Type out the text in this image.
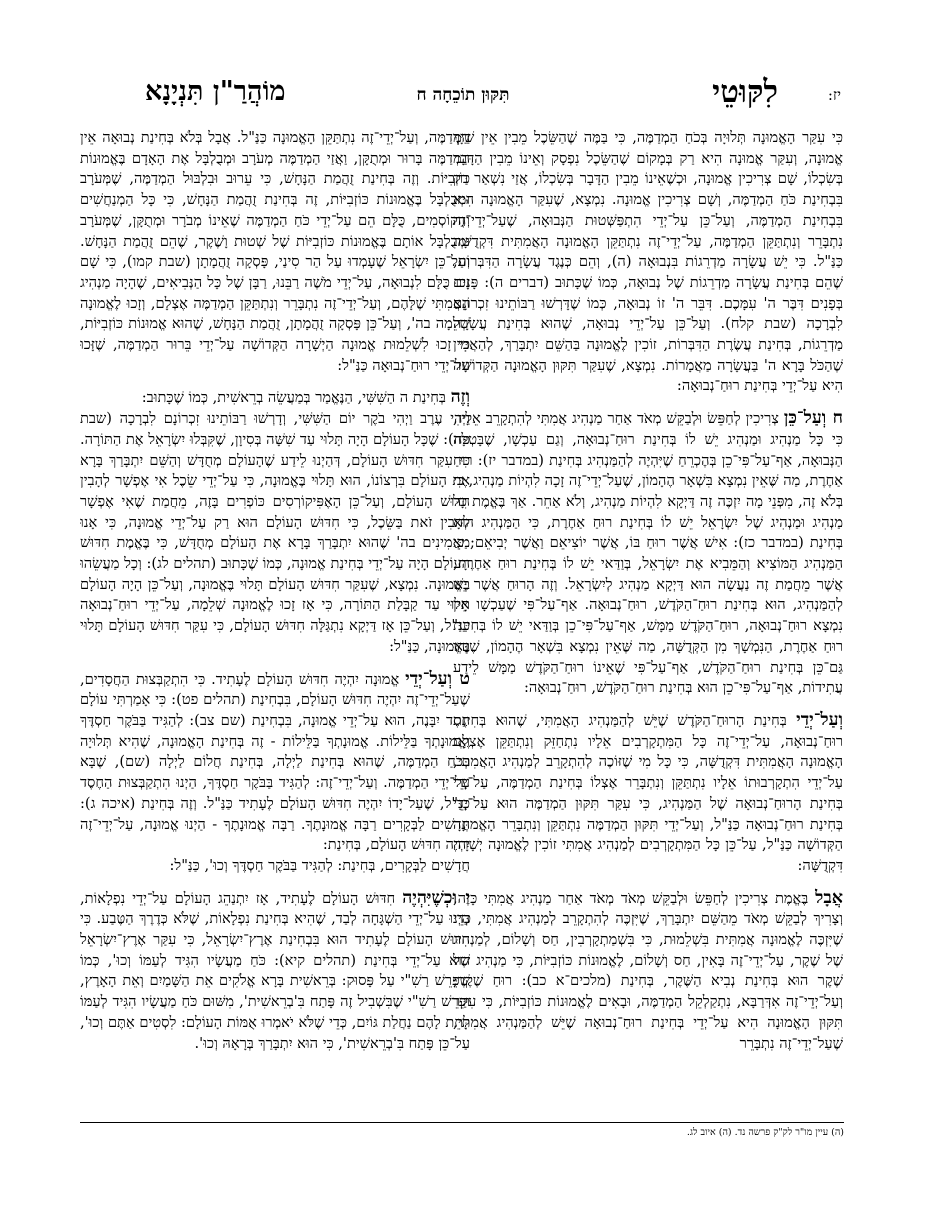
יז:
לִקּוּטֵי
תִּקּוּן תוֹכֵחָה ח
מוֹהֲרַ"ן תִּנְיָנָא

כִּי עִקַּר הָאֱמוּנָה תְּלוּיָה בְּכֹחַ הַמְדַמֶּה, כִּי בַּמֶּה שֶׁהַשֵּׂכֶל מֵבִין אֵין שַׁיָּךְ אֱמוּנָה, וְעִקַּר אֱמוּנָה הִיא רַק בְּמָקוֹם שֶׁהַשֵּׂכֶל נִפְסָק וְאֵינוֹ מֵבִין הַדָּבָר בְּשִׂכְלוֹ, שָׁם צְרִיכִין אֱמוּנָה, וּכְשֶׁאֵינוֹ מֵבִין הַדָּבָר בְּשִׂכְלוֹ, אֲזַי נִשְׁאַר רַק בִּבְחִינַת כֹּחַ הַמְדַמֶּה, וְשָׁם צְרִיכִין אֱמוּנָה. נִמְצָא, שֶׁעִקַּר הָאֱמוּנָה הִיא בִּבְחִינַת הַמְדַמֶּה, וְעַל־כֵּן עַל־יְדֵי הִתְפַּשְּׁטוּת הַנְּבוּאָה, שֶׁעַל־יְדֵי־זֶה נִתְבָּרֵר וְנִתְתַּקֵּן הַמְדַמֶּה, עַל־יְדֵי־זֶה נִתְתַּקֵּן הָאֱמוּנָה הָאֲמִתִּית דִּקְדֻשָּׁה כַּנַּ"ל. כִּי יֵשׁ עֲשָׂרָה מַדְרֵגוֹת בִּנְבוּאָה (ה), וְהֵם כְּנֶגֶד עֲשָׂרָה הַדִּבְּרוֹת, שֶׁהֵם בְּחִינַת עֲשָׂרָה מַדְרֵגוֹת שֶׁל נְבוּאָה, כְּמוֹ שֶׁכָּתוּב (דברים ה): פָּנִים בְּפָנִים דִּבֶּר ה' עִמָּכֶם. דִּבֵּר ה' זוֹ נְבוּאָה, כְּמוֹ שֶׁדָּרְשׁוּ רַבּוֹתֵינוּ זִכְרוֹנָם לִבְרָכָה (שבת קלח). וְעַל־כֵּן עַל־יְדֵי נְבוּאָה, שֶׁהוּא בְּחִינַת עֲשָׂרָה מַדְרֵגוֹת, בְּחִינַת עֲשֶׂרֶת הַדִּבְּרוֹת, זוֹכִין לֶאֱמוּנָה בַּהַשֵּׁם יִתְבָּרַךְ, לְהַאֲמִין שֶׁהַכֹּל בָּרָא ה' בַּעֲשָׂרָה מַאֲמָרוֹת. נִמְצָא, שֶׁעִקַּר תִּקּוּן הָאֱמוּנָה הַקְּדוֹשָׁה הִיא עַל־יְדֵי בְּחִינַת רוּחַ־נְבוּאָה:

ח וְעַל־כֵּן צְרִיכִין לְחַפֵּשׂ וּלְבַקֵּשׁ מְאֹד אַחַר מַנְהִיג אֲמִתִּי לְהִתְקָרֵב אֵלָיו, כִּי כָּל מַנְהִיג וּמַנְהִיג יֵשׁ לוֹ בְּחִינַת רוּחַ־נְבוּאָה, וְגַם עַכְשָׁו, שֶׁבָּטְלָה הַנְּבוּאָה, אַף־עַל־פִּי־כֵן בְּהֶכְרֵחַ שֶׁיִּהְיֶה לְהַמַּנְהִיג בְּחִינַת (במדבר יז): רוּחַ אַחֶרֶת, מַה שֶּׁאֵין נִמְצָא בִּשְׁאָר הֶהָמוֹן, שֶׁעַל־יְדֵי־זֶה זָכָה לִהְיוֹת מַנְהִיג, כִּי בְּלֹא זֶה, מִפְּנֵי מָה יִזְכֶּה זֶה דַּיְקָא לִהְיוֹת מַנְהִיג, וְלֹא אַחֵר. אַךְ בֶּאֱמֶת כָּל מַנְהִיג וּמַנְהִיג שֶׁל יִשְׂרָאֵל יֵשׁ לוֹ בְּחִינַת רוּחַ אַחֶרֶת, כִּי הַמַּנְהִיג הוּא בְּחִינַת (במדבר כז): אִישׁ אֲשֶׁר רוּחַ בּוֹ, אֲשֶׁר יוֹצִיאֵם וַאֲשֶׁר יְבִיאֵם; כִּי הַמַּנְהִיג הַמּוֹצִיא וְהַמֵּבִיא אֶת יִשְׂרָאֵל, בְּוַדַּאי יֵשׁ לוֹ בְּחִינַת רוּחַ אַחֶרֶת, אֲשֶׁר מֵחֲמַת זֶה נַעֲשָׂה הוּא דַּיְקָא מַנְהִיג לְיִשְׂרָאֵל. וְזֶה הָרוּחַ אֲשֶׁר יֵשׁ לְהַמַּנְהִיג, הוּא בְּחִינַת רוּחַ־הַקֹּדֶשׁ, רוּחַ־נְבוּאָה. אַף־עַל־פִּי שֶׁעַכְשָׁו אֵין נִמְצָא רוּחַ־נְבוּאָה, רוּחַ־הַקֹּדֶשׁ מַמָּשׁ, אַף־עַל־פִּי־כֵן בְּוַדַּאי יֵשׁ לוֹ בְּחִינַת רוּחַ אַחֶרֶת, הַנִּמְשָׁךְ מִן הַקְּדֻשָּׁה, מַה שֶּׁאֵין נִמְצָא בִּשְׁאָר הֶהָמוֹן, שֶׁזֶּהוּ גַּם־כֵּן בְּחִינַת רוּחַ־הַקֹּדֶשׁ, אַף־עַל־פִּי שֶׁאֵינוֹ רוּחַ־הַקֹּדֶשׁ מַמָּשׁ לֵידַע עֲתִידוֹת, אַף־עַל־פִּי־כֵן הוּא בְּחִינַת רוּחַ־הַקֹּדֶשׁ, רוּחַ־נְבוּאָה:

וְעַל־יְדֵי בְּחִינַת הָרוּחַ־הַקֹּדֶשׁ שֶׁיֵּשׁ לְהַמַּנְהִיג הָאֲמִתִּי, שֶׁהוּא בְּחִינַת רוּחַ־נְבוּאָה, עַל־יְדֵי־זֶה כָּל הַמִּתְקָרְבִים אֵלָיו נִתְחַזֵּק וְנִתְתַּקֵּן אֶצְלָם הָאֱמוּנָה הָאֲמִתִּית דִּקְדֻשָּׁה, כִּי כָּל מִי שֶׁזּוֹכֶה לְהִתְקָרֵב לְמַנְהִיג הָאֲמִתִּי, עַל־יְדֵי הִתְקָרְבוּתוֹ אֵלָיו נִתְתַּקֵּן וְנִתְבָּרֵר אֶצְלוֹ בְּחִינַת הַמְדַמֶּה, עַל־יְדֵי בְּחִינַת הָרוּחַ־נְבוּאָה שֶׁל הַמַּנְהִיג, כִּי עִקַּר תִּקּוּן הַמְדַמֶּה הוּא עַל־יְדֵי בְּחִינַת רוּחַ־נְבוּאָה כַּנַּ"ל, וְעַל־יְדֵי תִּקּוּן הַמְדַמֶּה נִתְתַּקֵּן וְנִתְבָּרֵר הָאֱמוּנָה הַקְּדוֹשָׁה כַּנַּ"ל, עַל־כֵּן כָּל הַמִּתְקָרְבִים לְמַנְהִיג אֲמִתִּי זוֹכִין לֶאֱמוּנָה יְשָׁרָה דִּקְדֻשָּׁה:

אֲבָל בֶּאֱמֶת צְרִיכִין לְחַפֵּשׂ וּלְבַקֵּשׁ מְאֹד מְאֹד אַחַר מַנְהִיג אֲמִתִּי כָּזֶה, וְצָרִיךְ לְבַקֵּשׁ מְאֹד מֵהַשֵּׁם יִתְבָּרַךְ, שֶׁיִּזְכֶּה לְהִתְקָרֵב לְמַנְהִיג אֲמִתִּי, כְּדֵי שֶׁיִּזְכֶּה לֶאֱמוּנָה אֲמִתִּית בִּשְׁלֵמוּת, כִּי בִּשְׁמַתְקָרְבִין, חַס וְשָׁלוֹם, לְמַנְהִיג שֶׁל שֶׁקֶר, עַל־יְדֵי־זֶה בָּאִין, חַס וְשָׁלוֹם, לֶאֱמוּנוֹת כּוֹזְבִיּוֹת, כִּי מַנְהִיג שֶׁל שֶׁקֶר הוּא בְּחִינַת נְבִיא הַשֶּׁקֶר, בְּחִינַת (מלכים־א כב): רוּחַ שֶׁקֶר; וְעַל־יְדֵי־זֶה אִדְּרַבָּא, נִתְקַלְקֵל הַמְדַמֶּה, וּבָאִים לֶאֱמוּנוֹת כּוֹזְבִיּוֹת, כִּי עִקַּר תִּקּוּן הָאֱמוּנָה הִיא עַל־יְדֵי בְּחִינַת רוּחַ־נְבוּאָה שֶׁיֵּשׁ לְהַמַּנְהִיג אֲמִתִּי, שֶׁעַל־יְדֵי־זֶה נִתְבָּרֵר

הַמְדַמֶּה, וְעַל־יְדֵי־זֶה נִתְתַּקֵּן הָאֱמוּנָה כַּנַּ"ל. אֲבָל בְּלֹא בְּחִינַת נְבוּאָה אֵין הַמְדַמֶּה בָּרוּר וּמְתֻקָּן, וַאֲזַי הַמְדַמֶּה מְעֹרָב וּמְבֻלְבָּל אֶת הָאָדָם בֶּאֱמוּנוֹת כּוֹזְבִיּוֹת. וְזֶה בְּחִינַת זֻהֲמַת הַנָּחָשׁ, כִּי עֵרוּב וּבִלְבּוּל הַמְדַמֶּה, שֶׁמְּעֹרָב וּמְבֻלְבָּל בֶּאֱמוּנוֹת כּוֹזְבִיּוֹת, זֶה בְּחִינַת זֻהֲמַת הַנָּחָשׁ, כִּי כָּל הַמְנַחֲשִׁים וְהַקּוֹסְמִים, כֻּלָּם הֵם עַל־יְדֵי כֹּחַ הַמְדַמֶּה שֶׁאֵינוֹ מְבֹרָר וּמְתֻקָּן, שֶׁמְּעֹרָב וּמְבֻלְבָּל אוֹתָם בֶּאֱמוּנוֹת כּוֹזְבִיּוֹת שֶׁל שְׁטוּת וָשֶׁקֶר, שֶׁהֵם זֻהֲמַת הַנָּחָשׁ. וְעַל־כֵּן יִשְׂרָאֵל שֶׁעָמְדוּ עַל הַר סִינַי, פָּסְקָה זֻהֲמָתָן (שבת קמו), כִּי שָׁם זָכוּ כֻּלָּם לִנְבוּאָה, עַל־יְדֵי מֹשֶׁה רַבֵּנוּ, רַבָּן שֶׁל כָּל הַנְּבִיאִים, שֶׁהָיָה מַנְהִיג הָאֲמִתִּי שֶׁלָּהֶם, וְעַל־יְדֵי־זֶה נִתְבָּרֵר וְנִתְתַּקֵּן הַמְדַמֶּה אֶצְלָם, וְזָכוּ לֶאֱמוּנָה שְׁלֵמָה בה', וְעַל־כֵּן פָּסְקָה זֻהֲמָתָן, זֻהֲמַת הַנָּחָשׁ, שֶׁהוּא אֱמוּנוֹת כּוֹזְבִיּוֹת, כִּי זָכוּ לִשְׁלֵמוּת אֱמוּנָה הַיְשָׁרָה הַקְּדוֹשָׁה עַל־יְדֵי בֵּרוּר הַמְדַמֶּה, שֶׁזָּכוּ עַל־יְדֵי רוּחַ־נְבוּאָה כַּנַּ"ל:

וְזֶה בְּחִינַת ה הַשִּׁשִּׁי, הַנֶּאֱמַר בְּמַעֲשֵׂה בְרֵאשִׁית, כְּמוֹ שֶׁכָּתוּב:
וַיְהִי עֶרֶב וַיְהִי בֹקֶר יוֹם הַשִּׁשִּׁי, וְדָרְשׁוּ רַבּוֹתֵינוּ זִכְרוֹנָם לִבְרָכָה (שבת פח): שֶׁכָּל הָעוֹלָם הָיָה תָּלוּי עַד שִׁשָּׁה בְּסִיוָן, שֶׁקִּבְּלוּ יִשְׂרָאֵל אֶת הַתּוֹרָה. כִּי עִקַּר חִדּוּשׁ הָעוֹלָם, דְּהַיְנוּ לֵידַע שֶׁהָעוֹלָם מְחֻדָּשׁ וְהַשֵּׁם יִתְבָּרַךְ בָּרָא אֶת הָעוֹלָם בִּרְצוֹנוֹ, הוּא תָּלוּי בֶּאֱמוּנָה, כִּי עַל־יְדֵי שֵׂכֶל אִי אֶפְשָׁר לְהָבִין חִדּוּשׁ הָעוֹלָם, וְעַל־כֵּן הָאֶפִּיקוֹרְסִים כּוֹפְרִים בָּזֶה, מֵחֲמַת שֶׁאִי אֶפְשָׁר לְהָבִין זֹאת בַּשֵּׂכֶל, כִּי חִדּוּשׁ הָעוֹלָם הוּא רַק עַל־יְדֵי אֱמוּנָה, כִּי אָנוּ מַאֲמִינִים בה' שֶׁהוּא יִתְבָּרַךְ בָּרָא אֶת הָעוֹלָם מְחֻדָּשׁ, כִּי בֶּאֱמֶת חִדּוּשׁ הָעוֹלָם הָיָה עַל־יְדֵי בְּחִינַת אֱמוּנָה, כְּמוֹ שֶׁכָּתוּב (תהלים לג): וְכָל מַעֲשֵׂהוּ בֶּאֱמוּנָה. נִמְצָא, שֶׁעִקַּר חִדּוּשׁ הָעוֹלָם תָּלוּי בֶּאֱמוּנָה, וְעַל־כֵּן הָיָה הָעוֹלָם תָּלוּי עַד קַבָּלַת הַתּוֹרָה, כִּי אָז זָכוּ לֶאֱמוּנָה שְׁלֵמָה, עַל־יְדֵי רוּחַ־נְבוּאָה כַּנַּ"ל, וְעַל־כֵּן אָז דַּיְקָא נִתְגַּלָּה חִדּוּשׁ הָעוֹלָם, כִּי עִקַּר חִדּוּשׁ הָעוֹלָם תָּלוּי בֶּאֱמוּנָה, כַּנַּ"ל:

ט וְעַל־יְדֵי אֱמוּנָה יִהְיֶה חִדּוּשׁ הָעוֹלָם לֶעָתִיד. כִּי הִתְקַבְּצוּת הַחֲסָדִים, שֶׁעַל־יְדֵי־זֶה יִהְיֶה חִדּוּשׁ הָעוֹלָם, בִּבְחִינַת (תהלים פט): כִּי אָמַרְתִּי עוֹלָם חֶסֶד יִבָּנֶה, הוּא עַל־יְדֵי אֱמוּנָה, בִּבְחִינַת (שם צב): לְהַגִּיד בַּבֹּקֶר חַסְדֶּךָ וֶאֱמוּנָתְךָ בַּלֵּילוֹת. אֱמוּנָתְךָ בַּלֵּילוֹת - זֶה בְּחִינַת הָאֱמוּנָה, שֶׁהִיא תְּלוּיָה בְּכֹחַ הַמְדַמֶּה, שֶׁהוּא בְּחִינַת לַיְלָה, בְּחִינַת חֲלוֹם לַיְלָה (שם), שֶׁבָּא עַל־יְדֵי הַמְדַמֶּה. וְעַל־יְדֵי־זֶה: לְהַגִּיד בַּבֹּקֶר חַסְדֶּךָ, הַיְנוּ הִתְקַבְּצוּת הַחֶסֶד כַּנַּ"ל, שֶׁעַל־יָדוֹ יִהְיֶה חִדּוּשׁ הָעוֹלָם לֶעָתִיד כַּנַּ"ל. וְזֶה בְּחִינַת (איכה ג): חֲדָשִׁים לַבְּקָרִים רַבָּה אֱמוּנָתֶךָ. רַבָּה אֱמוּנָתֶךָ - הַיְנוּ אֱמוּנָה, עַל־יְדֵי־זֶה יִהְיֶה חִדּוּשׁ הָעוֹלָם, בְּחִינַת:
חֲדָשִׁים לַבְּקָרִים, בְּחִינַת: לְהַגִּיד בַּבֹּקֶר חַסְדֶּךָ וְכוּ', כַּנַּ"ל:

י וּכְשֶׁיִּהְיֶה חִדּוּשׁ הָעוֹלָם לֶעָתִיד, אָז יִתְנַהֵג הָעוֹלָם עַל־יְדֵי נִפְלָאוֹת, הַיְנוּ עַל־יְדֵי הַשְׁגָּחָה לְבַד, שֶׁהִיא בְּחִינַת נִפְלָאוֹת, שֶׁלֹּא כְּדֶרֶךְ הַטֶּבַע. כִּי חִדּוּשׁ הָעוֹלָם לֶעָתִיד הוּא בִּבְחִינַת אֶרֶץ־יִשְׂרָאֵל, כִּי עִקַּר אֶרֶץ־יִשְׂרָאֵל הוּא עַל־יְדֵי בְּחִינַת (תהלים קיא): כֹּחַ מַעֲשָׂיו הִגִּיד לְעַמּוֹ וְכוּ', כְּמוֹ שֶׁפֵּרֵשׁ רַשִׁ"י עַל פָּסוּק: בְּרֵאשִׁית בָּרָא אֱלֹקִים אֵת הַשָּׁמַיִם וְאֵת הָאָרֶץ, וּפֵרֵשׁ רַשִׁ"י שֶׁבִּשְׁבִיל זֶה פָּתַח בִּ'בְרֵאשִׁית', מִשּׁוּם כֹּחַ מַעֲשָׂיו הִגִּיד לְעַמּוֹ לָתֵת לָהֶם נַחֲלַת גּוֹיִם, כְּדֵי שֶׁלֹּא יֹאמְרוּ אֻמּוֹת הָעוֹלָם: לִסְטִים אַתֶּם וְכוּ', עַל־כֵּן פָּתַח בִּ'בְרֵאשִׁית', כִּי הוּא יִתְבָּרַךְ בְּרָאָהּ וְכוּ'.

(ה) עיין מו"ר לק"ק פרשה נד. (ה) איוב לג.
